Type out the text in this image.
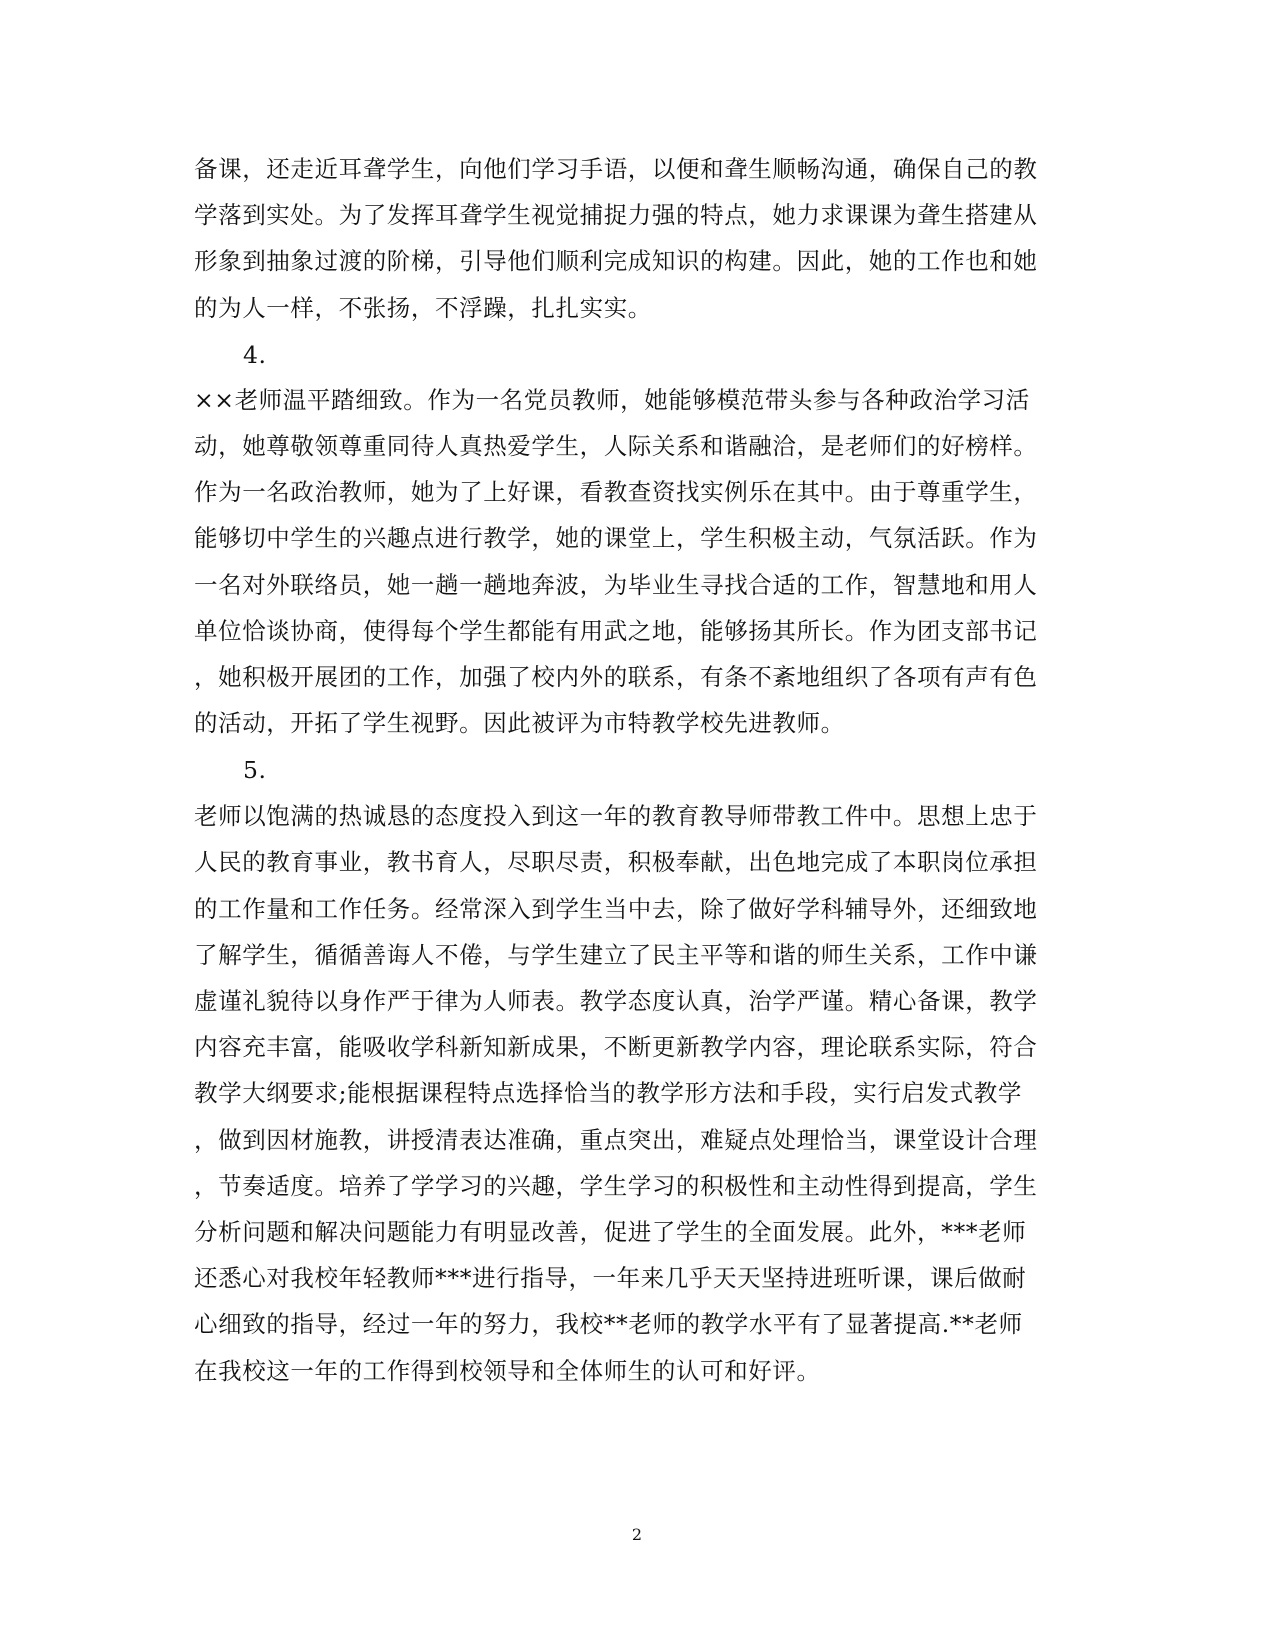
备课，还走近耳聋学生，向他们学习手语，以便和聋生顺畅沟通，确保自己的教
学落到实处。为了发挥耳聋学生视觉捕捉力强的特点，她力求课课为聋生搭建从
形象到抽象过渡的阶梯，引导他们顺利完成知识的构建。因此，她的工作也和她
的为人一样，不张扬，不浮躁，扎扎实实。
4.
××老师温平踏细致。作为一名党员教师，她能够模范带头参与各种政治学习活
动，她尊敬领尊重同待人真热爱学生，人际关系和谐融洽，是老师们的好榜样。
作为一名政治教师，她为了上好课，看教查资找实例乐在其中。由于尊重学生，
能够切中学生的兴趣点进行教学，她的课堂上，学生积极主动，气氛活跃。作为
一名对外联络员，她一趟一趟地奔波，为毕业生寻找合适的工作，智慧地和用人
单位恰谈协商，使得每个学生都能有用武之地，能够扬其所长。作为团支部书记
，她积极开展团的工作，加强了校内外的联系，有条不紊地组织了各项有声有色
的活动，开拓了学生视野。因此被评为市特教学校先进教师。
5.
老师以饱满的热诚恳的态度投入到这一年的教育教导师带教工件中。思想上忠于
人民的教育事业，教书育人，尽职尽责，积极奉献，出色地完成了本职岗位承担
的工作量和工作任务。经常深入到学生当中去，除了做好学科辅导外，还细致地
了解学生，循循善诲人不倦，与学生建立了民主平等和谐的师生关系，工作中谦
虚谨礼貌待以身作严于律为人师表。教学态度认真，治学严谨。精心备课，教学
内容充丰富，能吸收学科新知新成果，不断更新教学内容，理论联系实际，符合
教学大纲要求;能根据课程特点选择恰当的教学形方法和手段，实行启发式教学
，做到因材施教，讲授清表达准确，重点突出，难疑点处理恰当，课堂设计合理
，节奏适度。培养了学学习的兴趣，学生学习的积极性和主动性得到提高，学生
分析问题和解决问题能力有明显改善，促进了学生的全面发展。此外，***老师
还悉心对我校年轻教师***进行指导，一年来几乎天天坚持进班听课，课后做耐
心细致的指导，经过一年的努力，我校**老师的教学水平有了显著提高.**老师
在我校这一年的工作得到校领导和全体师生的认可和好评。
2
